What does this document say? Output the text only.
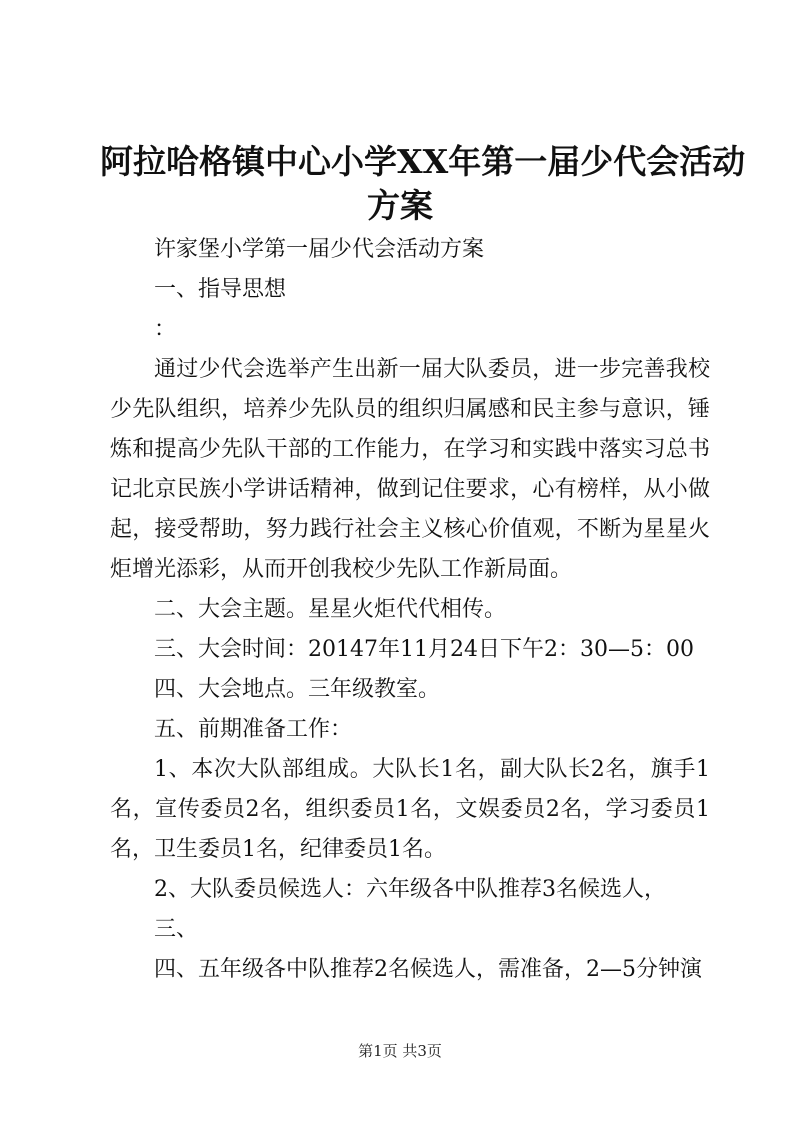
阿拉哈格镇中心小学XX年第一届少代会活动
方案

许家堡小学第一届少代会活动方案

一、指导思想

：

通过少代会选举产生出新一届大队委员，进一步完善我校少先队组织，培养少先队员的组织归属感和民主参与意识，锤炼和提高少先队干部的工作能力，在学习和实践中落实习总书记北京民族小学讲话精神，做到记住要求，心有榜样，从小做起，接受帮助，努力践行社会主义核心价值观，不断为星星火炬增光添彩，从而开创我校少先队工作新局面。

二、大会主题。星星火炬代代相传。

三、大会时间：20147年11月24日下午2：30—5：00

四、大会地点。三年级教室。

五、前期准备工作：

1、本次大队部组成。大队长1名，副大队长2名，旗手1名，宣传委员2名，组织委员1名，文娱委员2名，学习委员1名，卫生委员1名，纪律委员1名。

2、大队委员候选人：六年级各中队推荐3名候选人，

三、

四、五年级各中队推荐2名候选人，需准备，2—5分钟演

第1页 共3页
